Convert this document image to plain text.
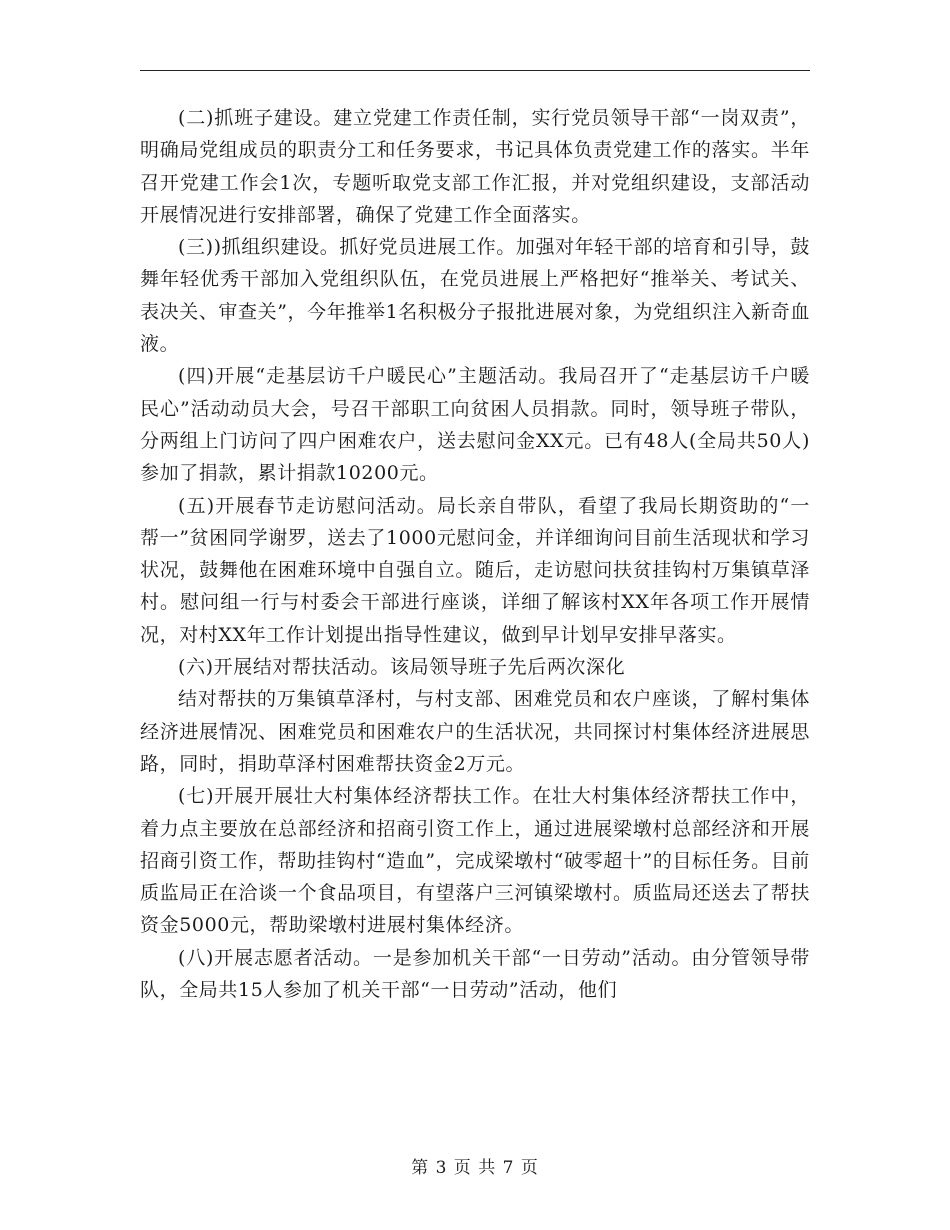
(二)抓班子建设。建立党建工作责任制，实行党员领导干部“一岗双责”，明确局党组成员的职责分工和任务要求，书记具体负责党建工作的落实。半年召开党建工作会1次，专题听取党支部工作汇报，并对党组织建设，支部活动开展情况进行安排部署，确保了党建工作全面落实。

(三))抓组织建设。抓好党员进展工作。加强对年轻干部的培育和引导，鼓舞年轻优秀干部加入党组织队伍，在党员进展上严格把好“推举关、考试关、表决关、审查关”，今年推举1名积极分子报批进展对象，为党组织注入新奇血液。

(四)开展“走基层访千户暖民心”主题活动。我局召开了“走基层访千户暖民心”活动动员大会，号召干部职工向贫困人员捐款。同时，领导班子带队，分两组上门访问了四户困难农户，送去慰问金XX元。已有48人(全局共50人)参加了捐款，累计捐款10200元。

(五)开展春节走访慰问活动。局长亲自带队，看望了我局长期资助的“一帮一”贫困同学谢罗，送去了1000元慰问金，并详细询问目前生活现状和学习状况，鼓舞他在困难环境中自强自立。随后，走访慰问扶贫挂钩村万集镇草泽村。慰问组一行与村委会干部进行座谈，详细了解该村XX年各项工作开展情况，对村XX年工作计划提出指导性建议，做到早计划早安排早落实。

(六)开展结对帮扶活动。该局领导班子先后两次深化

结对帮扶的万集镇草泽村，与村支部、困难党员和农户座谈，了解村集体经济进展情况、困难党员和困难农户的生活状况，共同探讨村集体经济进展思路，同时，捐助草泽村困难帮扶资金2万元。

(七)开展开展壮大村集体经济帮扶工作。在壮大村集体经济帮扶工作中，着力点主要放在总部经济和招商引资工作上，通过进展梁墩村总部经济和开展招商引资工作，帮助挂钩村“造血”，完成梁墩村“破零超十”的目标任务。目前质监局正在洽谈一个食品项目，有望落户三河镇梁墩村。质监局还送去了帮扶资金5000元，帮助梁墩村进展村集体经济。

(八)开展志愿者活动。一是参加机关干部“一日劳动”活动。由分管领导带队，全局共15人参加了机关干部“一日劳动”活动，他们

第 3 页 共 7 页
